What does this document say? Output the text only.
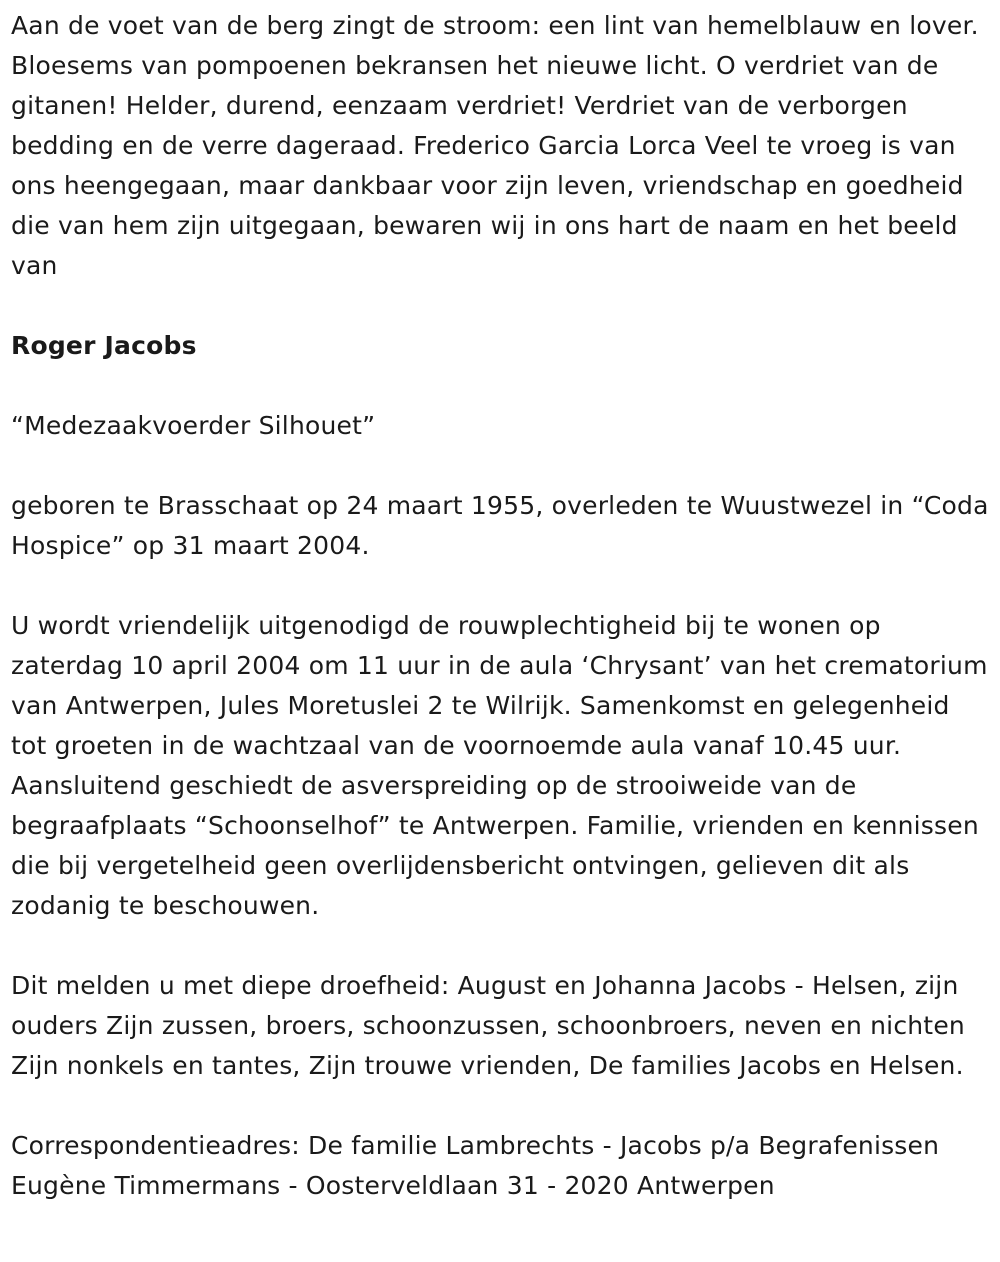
Aan de voet van de berg zingt de stroom: een lint van hemelblauw en lover. Bloesems van pompoenen bekransen het nieuwe licht. O verdriet van de gitanen! Helder, durend, eenzaam verdriet! Verdriet van de verborgen bedding en de verre dageraad. Frederico Garcia Lorca Veel te vroeg is van ons heengegaan, maar dankbaar voor zijn leven, vriendschap en goedheid die van hem zijn uitgegaan, bewaren wij in ons hart de naam en het beeld van

Roger Jacobs

“Medezaakvoerder Silhouet”

geboren te Brasschaat op 24 maart 1955, overleden te Wuustwezel in “Coda Hospice” op 31 maart 2004.

U wordt vriendelijk uitgenodigd de rouwplechtigheid bij te wonen op zaterdag 10 april 2004 om 11 uur in de aula ‘Chrysant’ van het crematorium van Antwerpen, Jules Moretuslei 2 te Wilrijk. Samenkomst en gelegenheid tot groeten in de wachtzaal van de voornoemde aula vanaf 10.45 uur. Aansluitend geschiedt de asverspreiding op de strooiweide van de begraafplaats “Schoonselhof” te Antwerpen. Familie, vrienden en kennissen die bij vergetelheid geen overlijdensbericht ontvingen, gelieven dit als zodanig te beschouwen.

Dit melden u met diepe droefheid: August en Johanna Jacobs - Helsen, zijn ouders Zijn zussen, broers, schoonzussen, schoonbroers, neven en nichten Zijn nonkels en tantes, Zijn trouwe vrienden, De families Jacobs en Helsen.

Correspondentieadres: De familie Lambrechts - Jacobs p/a Begrafenissen Eugène Timmermans - Oosterveldlaan 31 - 2020 Antwerpen
